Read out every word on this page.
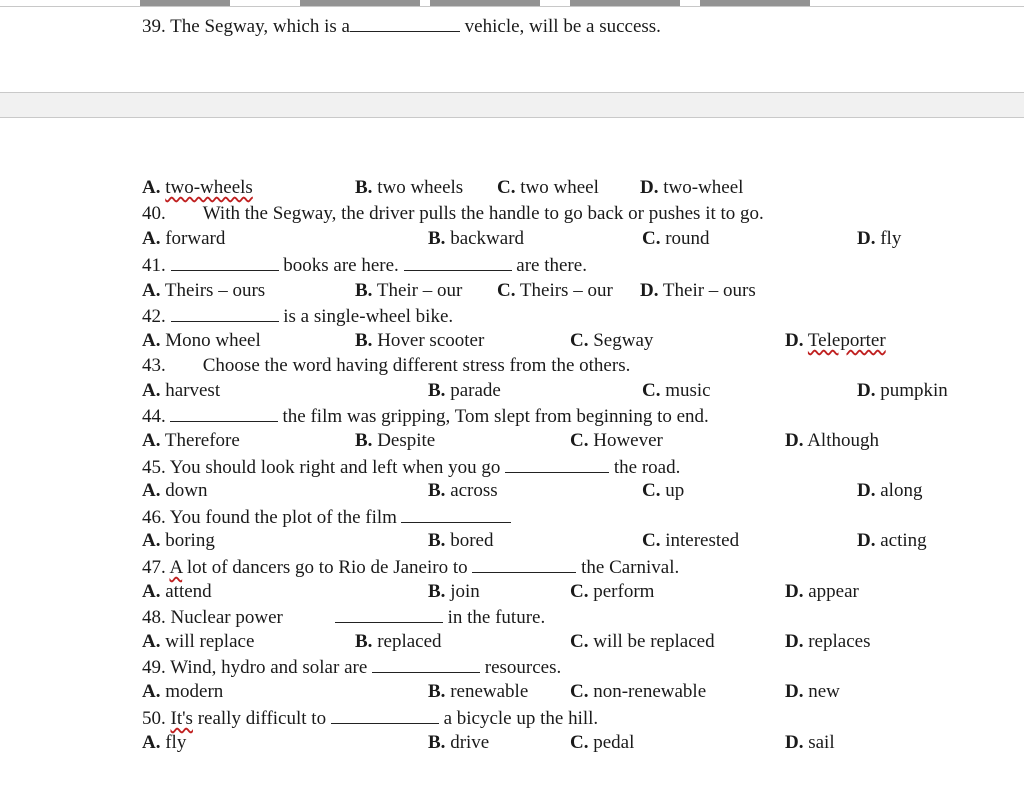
39. The Segway, which is a	vehicle, will be a success.
A. two-wheels	B. two wheels C. two wheel D. two-wheel
40. With the Segway, the driver pulls the handle to go back or pushes it to go.
A. forward	B. backward	C. round	D. fly
41.	books are here.	are there.
A. Theirs – ours	B. Their – our C. Theirs – our D. Their – ours
42.	is a single-wheel bike.
A. Mono wheel	B. Hover scooter	C. Segway	D. Teleporter
43. Choose the word having different stress from the others.
A. harvest	B. parade	C. music	D. pumpkin
44.	the film was gripping, Tom slept from beginning to end.
A. Therefore	B. Despite	C. However	D. Although
45. You should look right and left when you go	the road.
A. down	B. across	C. up	D. along
46. You found the plot of the film
A. boring	B. bored	C. interested	D. acting
47. A lot of dancers go to Rio de Janeiro to	the Carnival.
A. attend	B. join	C. perform	D. appear
48. Nuclear power	in the future.
A. will replace	B. replaced	C. will be replaced	D. replaces
49. Wind, hydro and solar are	resources.
A. modern	B. renewable C. non-renewable	D. new
50. It's really difficult to	a bicycle up the hill.
A. fly	B. drive	C. pedal	D. sail
